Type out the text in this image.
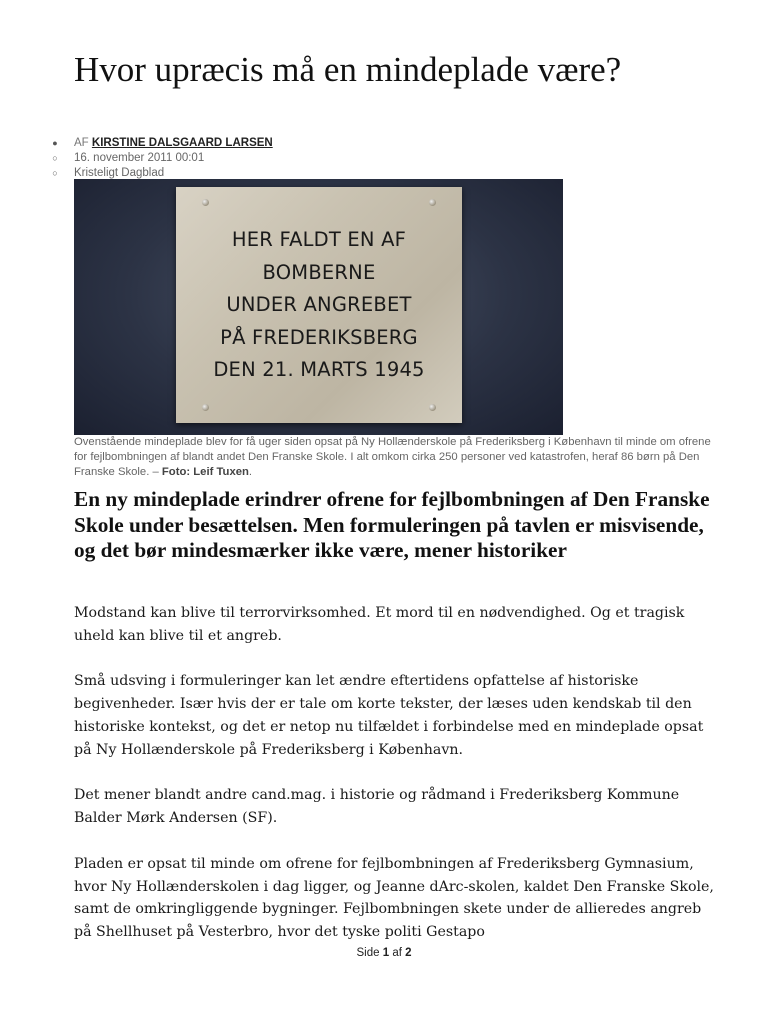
Hvor upræcis må en mindeplade være?
●	AF KIRSTINE DALSGAARD LARSEN
○	16. november 2011 00:01
○	Kristeligt Dagblad
HER FALDT EN AF
BOMBERNE
UNDER ANGREBET
PÅ FREDERIKSBERG
DEN 21. MARTS 1945
Ovenstående mindeplade blev for få uger siden opsat på Ny Hollænderskole på Frederiksberg i København til minde om ofrene for fejlbombningen af blandt andet Den Franske Skole. I alt omkom cirka 250 personer ved katastrofen, heraf 86 børn på Den Franske Skole. – Foto: Leif Tuxen.
En ny mindeplade erindrer ofrene for fejlbombningen af Den Franske Skole under besættelsen. Men formuleringen på tavlen er misvisende, og det bør mindesmærker ikke være, mener historiker

Modstand kan blive til terrorvirksomhed. Et mord til en nødvendighed. Og et tragisk uheld kan blive til et angreb.

Små udsving i formuleringer kan let ændre eftertidens opfattelse af historiske begivenheder. Især hvis der er tale om korte tekster, der læses uden kendskab til den historiske kontekst, og det er netop nu tilfældet i forbindelse med en mindeplade opsat på Ny Hollænderskole på Frederiksberg i København.

Det mener blandt andre cand.mag. i historie og rådmand i Frederiksberg Kommune Balder Mørk Andersen (SF).

Pladen er opsat til minde om ofrene for fejlbombningen af Frederiksberg Gymnasium, hvor Ny Hollænderskolen i dag ligger, og Jeanne dArc-skolen, kaldet Den Franske Skole, samt de omkringliggende bygninger. Fejlbombningen skete under de allieredes angreb på Shellhuset på Vesterbro, hvor det tyske politi Gestapo

Side 1 af 2
